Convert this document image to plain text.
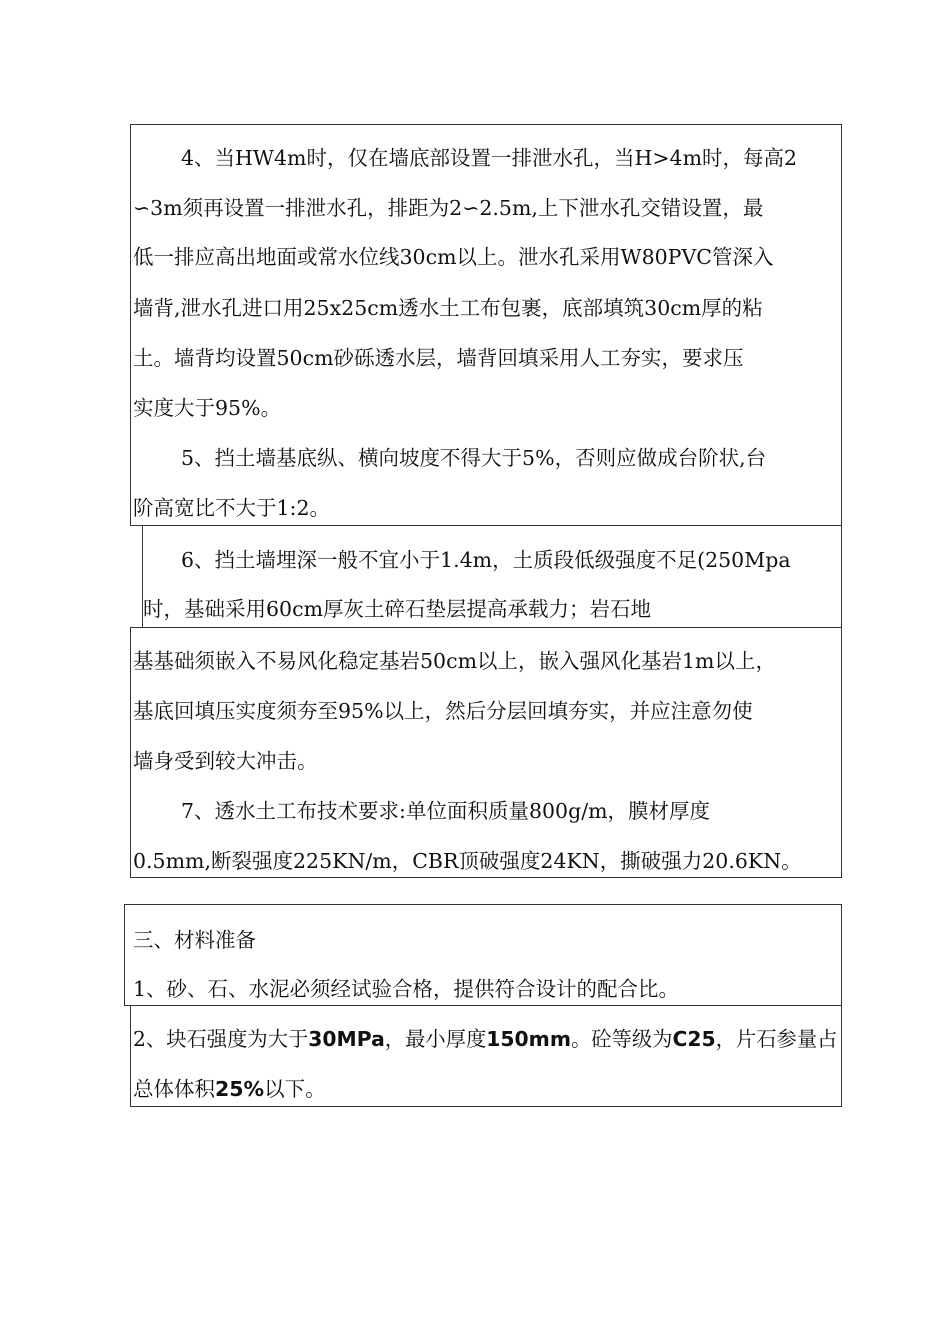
4、当HW4m时，仅在墙底部设置一排泄水孔，当H>4m时，每高2
∽3m须再设置一排泄水孔，排距为2∽2.5m,上下泄水孔交错设置，最
低一排应高出地面或常水位线30cm以上。泄水孔采用W80PVC管深入
墙背,泄水孔进口用25x25cm透水土工布包裹，底部填筑30cm厚的粘
土。墙背均设置50cm砂砾透水层，墙背回填采用人工夯实，要求压
实度大于95%。
5、挡土墙基底纵、横向坡度不得大于5%，否则应做成台阶状,台
阶高宽比不大于1:2。
6、挡土墙埋深一般不宜小于1.4m，土质段低级强度不足(250Mpa
时，基础采用60cm厚灰土碎石垫层提高承载力；岩石地
基基础须嵌入不易风化稳定基岩50cm以上，嵌入强风化基岩1m以上，
基底回填压实度须夯至95%以上，然后分层回填夯实，并应注意勿使
墙身受到较大冲击。
7、透水土工布技术要求:单位面积质量800g/m，膜材厚度
0.5mm,断裂强度225KN/m，CBR顶破强度24KN，撕破强力20.6KN。
三、材料准备
1、砂、石、水泥必须经试验合格，提供符合设计的配合比。
2、块石强度为大于30MPa，最小厚度150mm。砼等级为C25，片石参量占
总体体积25%以下。
